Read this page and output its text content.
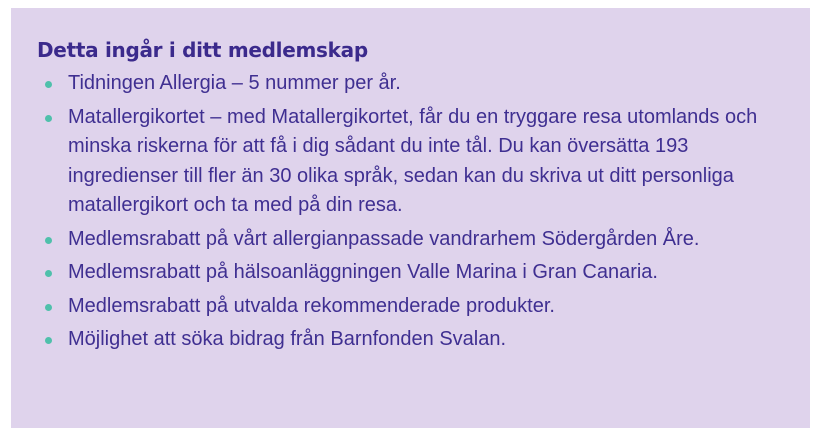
Detta ingår i ditt medlemskap
Tidningen Allergia – 5 nummer per år.
Matallergikortet – med Matallergikortet, får du en tryggare resa utomlands och minska riskerna för att få i dig sådant du inte tål. Du kan översätta 193 ingredienser till fler än 30 olika språk, sedan kan du skriva ut ditt personliga matallergikort och ta med på din resa.
Medlemsrabatt på vårt allergianpassade vandrarhem Södergården Åre.
Medlemsrabatt på hälsoanläggningen Valle Marina i Gran Canaria.
Medlemsrabatt på utvalda rekommenderade produkter.
Möjlighet att söka bidrag från Barnfonden Svalan.
